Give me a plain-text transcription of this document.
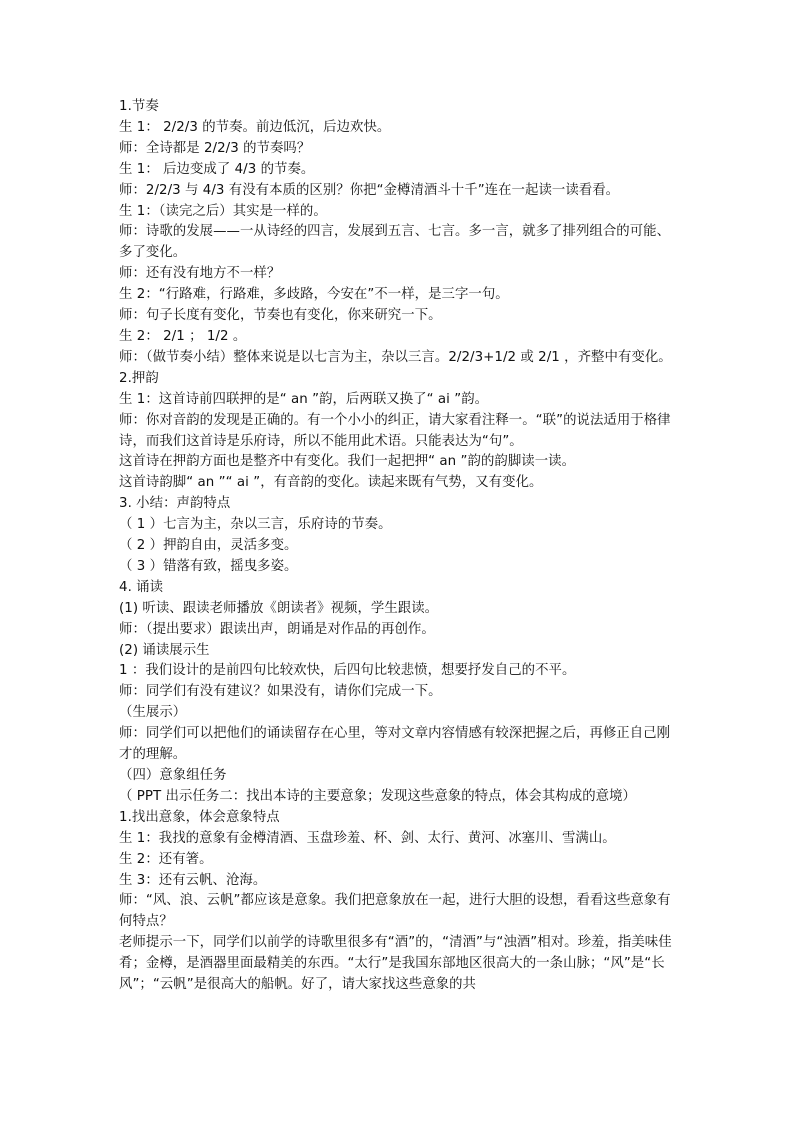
1.节奏

生 1： 2/2/3 的节奏。前边低沉，后边欢快。

师：全诗都是 2/2/3 的节奏吗？

生 1： 后边变成了 4/3 的节奏。

师：2/2/3 与 4/3 有没有本质的区别？你把“金樽清酒斗十千”连在一起读一读看看。

生 1：（读完之后）其实是一样的。

师：诗歌的发展——一从诗经的四言，发展到五言、七言。多一言，就多了排列组合的可能、多了变化。

师：还有没有地方不一样？

生 2：“行路难，行路难，多歧路，今安在”不一样，是三字一句。

师：句子长度有变化，节奏也有变化，你来研究一下。

生 2： 2/1 ； 1/2 。

师：（做节奏小结）整体来说是以七言为主，杂以三言。2/2/3+1/2 或 2/1 ，齐整中有变化。

2.押韵

生 1：这首诗前四联押的是“ an ”韵，后两联又换了“ ai ”韵。

师：你对音韵的发现是正确的。有一个小小的纠正，请大家看注释一。“联”的说法适用于格律诗，而我们这首诗是乐府诗，所以不能用此术语。只能表达为“句”。

这首诗在押韵方面也是整齐中有变化。我们一起把押“ an ”韵的韵脚读一读。

这首诗韵脚“ an ”“ ai ”，有音韵的变化。读起来既有气势，又有变化。

3. 小结：声韵特点

（ 1 ）七言为主，杂以三言，乐府诗的节奏。

（ 2 ）押韵自由，灵活多变。

（ 3 ）错落有致，摇曳多姿。

4. 诵读

(1) 听读、跟读老师播放《朗读者》视频，学生跟读。

师：（提出要求）跟读出声，朗诵是对作品的再创作。

(2) 诵读展示生

1 ：我们设计的是前四句比较欢快，后四句比较悲愤，想要抒发自己的不平。

师：同学们有没有建议？如果没有，请你们完成一下。

（生展示）

师：同学们可以把他们的诵读留存在心里，等对文章内容情感有较深把握之后，再修正自己刚才的理解。

（四）意象组任务

（ PPT 出示任务二：找出本诗的主要意象；发现这些意象的特点，体会其构成的意境）

1.找出意象，体会意象特点

生 1：我找的意象有金樽清酒、玉盘珍羞、杯、剑、太行、黄河、冰塞川、雪满山。

生 2：还有箸。

生 3：还有云帆、沧海。

师：“风、浪、云帆”都应该是意象。我们把意象放在一起，进行大胆的设想，看看这些意象有何特点？

老师提示一下，同学们以前学的诗歌里很多有“酒”的，“清酒”与“浊酒”相对。珍羞，指美味佳肴；金樽，是酒器里面最精美的东西。“太行”是我国东部地区很高大的一条山脉；“风”是“长风”；“云帆”是很高大的船帆。好了，请大家找这些意象的共
